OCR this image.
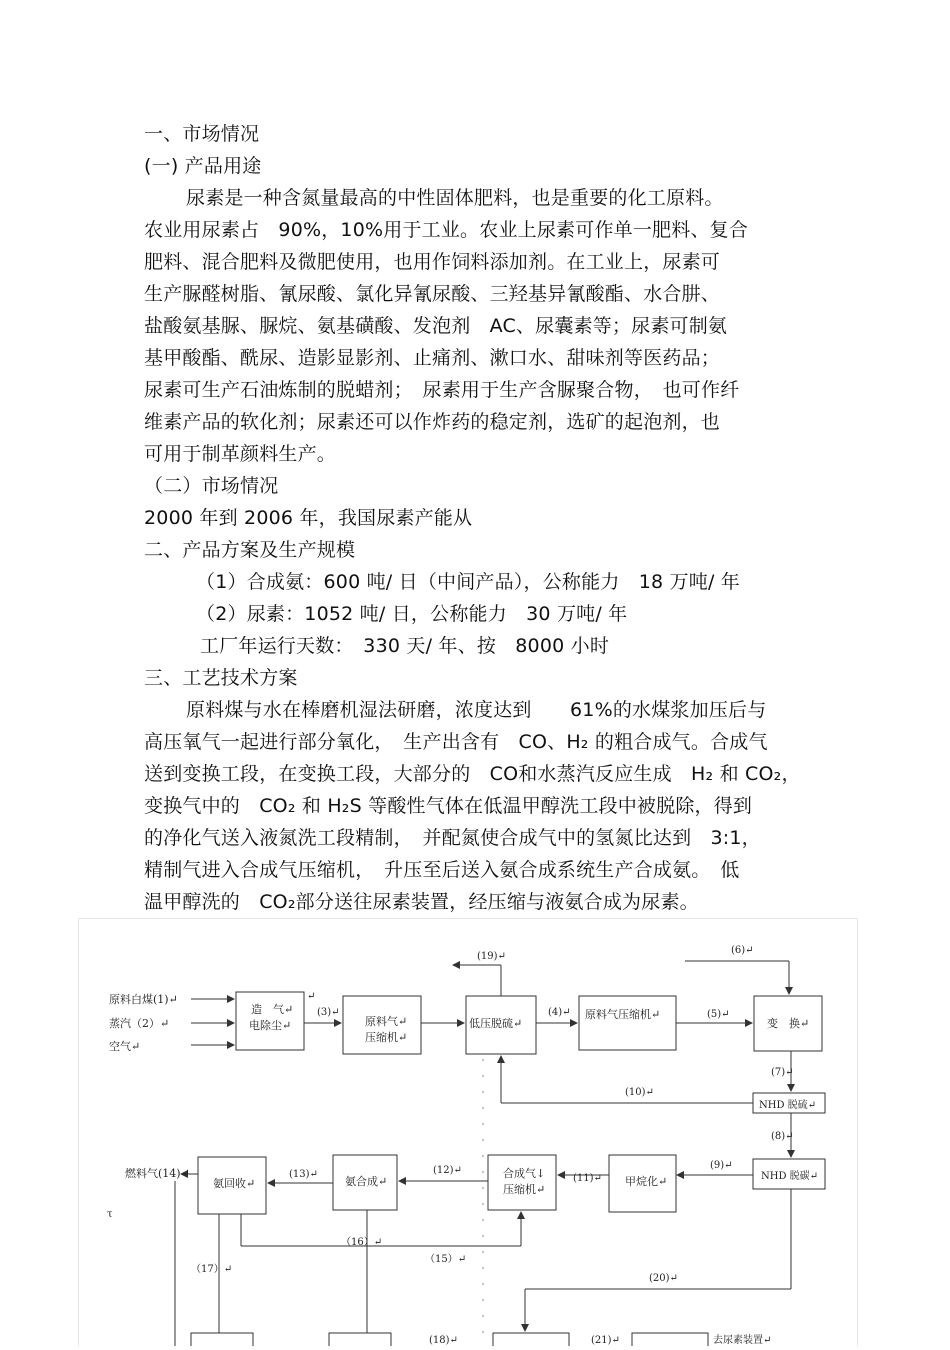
一、市场情况
(一) 产品用途
尿素是一种含氮量最高的中性固体肥料，也是重要的化工原料。
农业用尿素占　90%，10%用于工业。农业上尿素可作单一肥料、复合
肥料、混合肥料及微肥使用，也用作饲料添加剂。在工业上，尿素可
生产脲醛树脂、氰尿酸、氯化异氰尿酸、三羟基异氰酸酯、水合肼、
盐酸氨基脲、脲烷、氨基磺酸、发泡剂　AC、尿囊素等；尿素可制氨
基甲酸酯、酰尿、造影显影剂、止痛剂、漱口水、甜味剂等医药品；
尿素可生产石油炼制的脱蜡剂；　尿素用于生产含脲聚合物，　也可作纤
维素产品的软化剂；尿素还可以作炸药的稳定剂，选矿的起泡剂，也
可用于制革颜料生产。
（二）市场情况
2000 年到 2006 年，我国尿素产能从
二、产品方案及生产规模
（1）合成氨：600 吨/ 日（中间产品），公称能力　18 万吨/ 年
（2）尿素：1052 吨/ 日，公称能力　30 万吨/ 年
工厂年运行天数：　330 天/ 年、按　8000 小时
三、工艺技术方案
原料煤与水在棒磨机湿法研磨，浓度达到　　61%的水煤浆加压后与
高压氧气一起进行部分氧化，　生产出含有　CO、H₂ 的粗合成气。合成气
送到变换工段，在变换工段，大部分的　CO和水蒸汽反应生成　H₂ 和 CO₂，
变换气中的　CO₂ 和 H₂S 等酸性气体在低温甲醇洗工段中被脱除，得到
的净化气送入液氮洗工段精制，　并配氮使合成气中的氢氮比达到　3:1，
精制气进入合成气压缩机，　升压至后送入氨合成系统生产合成氨。　低
温甲醇洗的　CO₂部分送往尿素装置，经压缩与液氨合成为尿素。
原料白煤(1)↵
蒸汽（2）↵
空气↵
造　气↵
电除尘↵
↵
(3)↵
原料气↵
压缩机↵
低压脱硫↵
(19)↵
(4)↵ 原料气压缩机↵	(5)↵
(6)↵
变　换↵
(7)↵
NHD 脱硫↵
(10)↵
(8)↵
NHD 脱碳↵
(9)↵
甲烷化↵
(11)↵
合成气↓
压缩机↵
(12)↵
氨合成↵
(13)↵
氨回收↵
燃料气(14)↵
τ
（15）↵
（16）↵
（17）↵
(20)↵
(18)↵	(21)↵	去尿素装置↵
